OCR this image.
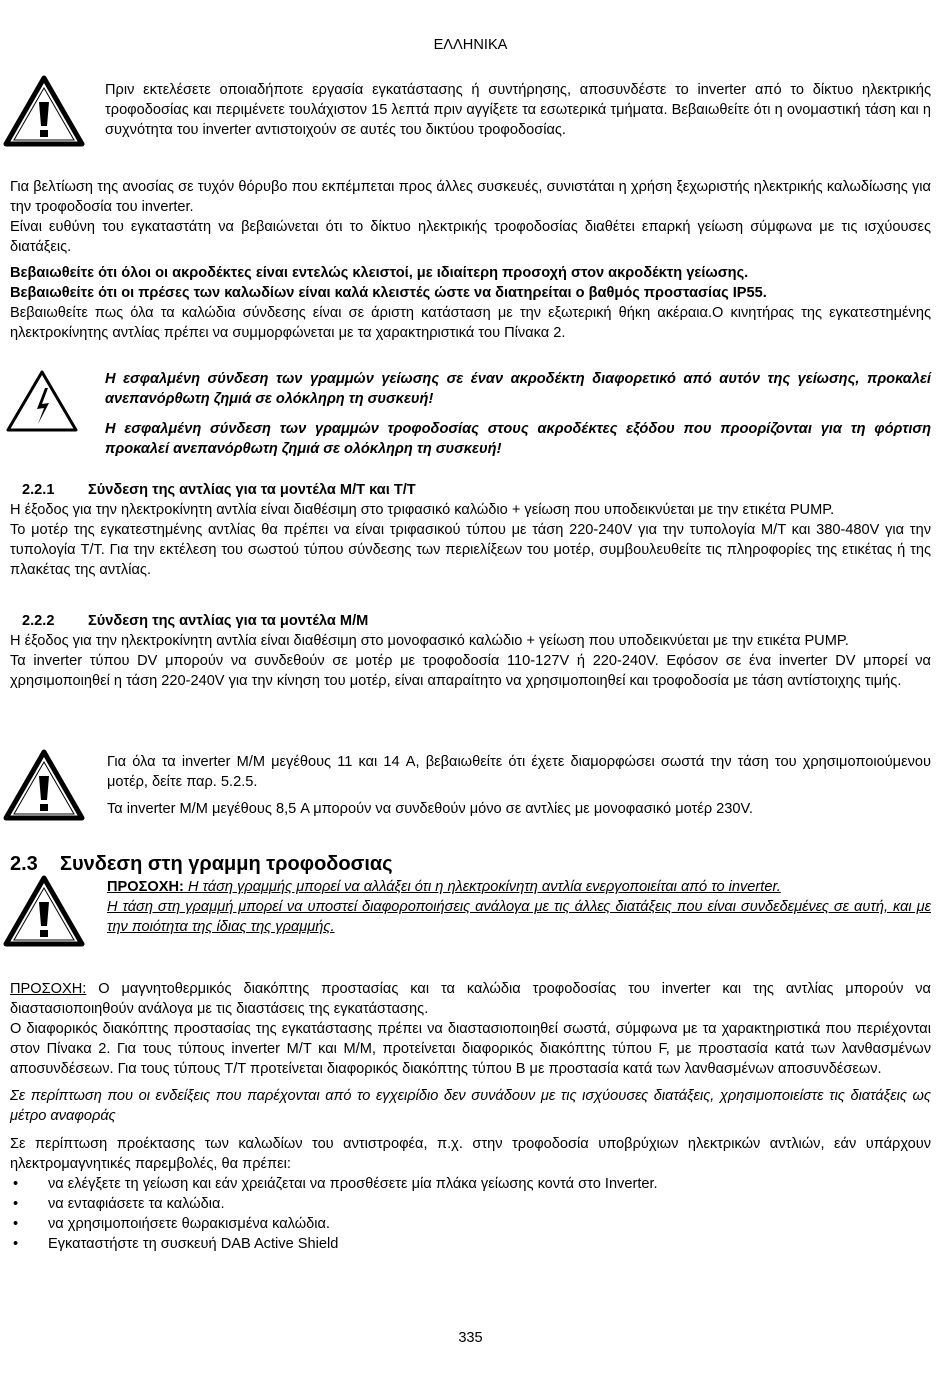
ΕΛΛΗΝΙΚΑ

Πριν εκτελέσετε οποιαδήποτε εργασία εγκατάστασης ή συντήρησης, αποσυνδέστε το inverter από το δίκτυο ηλεκτρικής τροφοδοσίας και περιμένετε τουλάχιστον 15 λεπτά πριν αγγίξετε τα εσωτερικά τμήματα. Βεβαιωθείτε ότι η ονομαστική τάση και η συχνότητα του inverter αντιστοιχούν σε αυτές του δικτύου τροφοδοσίας.

Για βελτίωση της ανοσίας σε τυχόν θόρυβο που εκπέμπεται προς άλλες συσκευές, συνιστάται η χρήση ξεχωριστής ηλεκτρικής καλωδίωσης για την τροφοδοσία του inverter.

Είναι ευθύνη του εγκαταστάτη να βεβαιώνεται ότι το δίκτυο ηλεκτρικής τροφοδοσίας διαθέτει επαρκή γείωση σύμφωνα με τις ισχύουσες διατάξεις.

Βεβαιωθείτε ότι όλοι οι ακροδέκτες είναι εντελώς κλειστοί, με ιδιαίτερη προσοχή στον ακροδέκτη γείωσης.

Βεβαιωθείτε ότι οι πρέσες των καλωδίων είναι καλά κλειστές ώστε να διατηρείται ο βαθμός προστασίας IP55.

Βεβαιωθείτε πως όλα τα καλώδια σύνδεσης είναι σε άριστη κατάσταση με την εξωτερική θήκη ακέραια.Ο κινητήρας της εγκατεστημένης ηλεκτροκίνητης αντλίας πρέπει να συμμορφώνεται με τα χαρακτηριστικά του Πίνακα 2.

Η εσφαλμένη σύνδεση των γραμμών γείωσης σε έναν ακροδέκτη διαφορετικό από αυτόν της γείωσης, προκαλεί ανεπανόρθωτη ζημιά σε ολόκληρη τη συσκευή!

Η εσφαλμένη σύνδεση των γραμμών τροφοδοσίας στους ακροδέκτες εξόδου που προορίζονται για τη φόρτιση προκαλεί ανεπανόρθωτη ζημιά σε ολόκληρη τη συσκευή!

2.2.1 Σύνδεση της αντλίας για τα μοντέλα M/T και T/T

Η έξοδος για την ηλεκτροκίνητη αντλία είναι διαθέσιμη στο τριφασικό καλώδιο + γείωση που υποδεικνύεται με την ετικέτα PUMP.

Το μοτέρ της εγκατεστημένης αντλίας θα πρέπει να είναι τριφασικού τύπου με τάση 220-240V για την τυπολογία M/T και 380-480V για την τυπολογία T/T. Για την εκτέλεση του σωστού τύπου σύνδεσης των περιελίξεων του μοτέρ, συμβουλευθείτε τις πληροφορίες της ετικέτας ή της πλακέτας της αντλίας.

2.2.2 Σύνδεση της αντλίας για τα μοντέλα M/M

Η έξοδος για την ηλεκτροκίνητη αντλία είναι διαθέσιμη στο μονοφασικό καλώδιο + γείωση που υποδεικνύεται με την ετικέτα PUMP.

Τα inverter τύπου DV μπορούν να συνδεθούν σε μοτέρ με τροφοδοσία 110-127V ή 220-240V. Εφόσον σε ένα inverter DV μπορεί να χρησιμοποιηθεί η τάση 220-240V για την κίνηση του μοτέρ, είναι απαραίτητο να χρησιμοποιηθεί και τροφοδοσία με τάση αντίστοιχης τιμής.

Για όλα τα inverter M/M μεγέθους 11 και 14 A, βεβαιωθείτε ότι έχετε διαμορφώσει σωστά την τάση του χρησιμοποιούμενου μοτέρ, δείτε παρ. 5.2.5.

Τα inverter M/M μεγέθους 8,5 A μπορούν να συνδεθούν μόνο σε αντλίες με μονοφασικό μοτέρ 230V.

2.3 Συνδεση στη γραμμη τροφοδοσιας

ΠΡΟΣΟΧΗ: Η τάση γραμμής μπορεί να αλλάξει ότι η ηλεκτροκίνητη αντλία ενεργοποιείται από το inverter.

Η τάση στη γραμμή μπορεί να υποστεί διαφοροποιήσεις ανάλογα με τις άλλες διατάξεις που είναι συνδεδεμένες σε αυτή, και με την ποιότητα της ίδιας της γραμμής.

ΠΡΟΣΟΧΗ: Ο μαγνητοθερμικός διακόπτης προστασίας και τα καλώδια τροφοδοσίας του inverter και της αντλίας μπορούν να διαστασιοποιηθούν ανάλογα με τις διαστάσεις της εγκατάστασης.

Ο διαφορικός διακόπτης προστασίας της εγκατάστασης πρέπει να διαστασιοποιηθεί σωστά, σύμφωνα με τα χαρακτηριστικά που περιέχονται στον Πίνακα 2. Για τους τύπους inverter M/T και M/M, προτείνεται διαφορικός διακόπτης τύπου F, με προστασία κατά των λανθασμένων αποσυνδέσεων. Για τους τύπους T/T προτείνεται διαφορικός διακόπτης τύπου B με προστασία κατά των λανθασμένων αποσυνδέσεων.

Σε περίπτωση που οι ενδείξεις που παρέχονται από το εγχειρίδιο δεν συνάδουν με τις ισχύουσες διατάξεις, χρησιμοποιείστε τις διατάξεις ως μέτρο αναφοράς

Σε περίπτωση προέκτασης των καλωδίων του αντιστροφέα, π.χ. στην τροφοδοσία υποβρύχιων ηλεκτρικών αντλιών, εάν υπάρχουν ηλεκτρομαγνητικές παρεμβολές, θα πρέπει:

• να ελέγξετε τη γείωση και εάν χρειάζεται να προσθέσετε μία πλάκα γείωσης κοντά στο Inverter.
• να ενταφιάσετε τα καλώδια.
• να χρησιμοποιήσετε θωρακισμένα καλώδια.
• Εγκαταστήστε τη συσκευή DAB Active Shield
335
